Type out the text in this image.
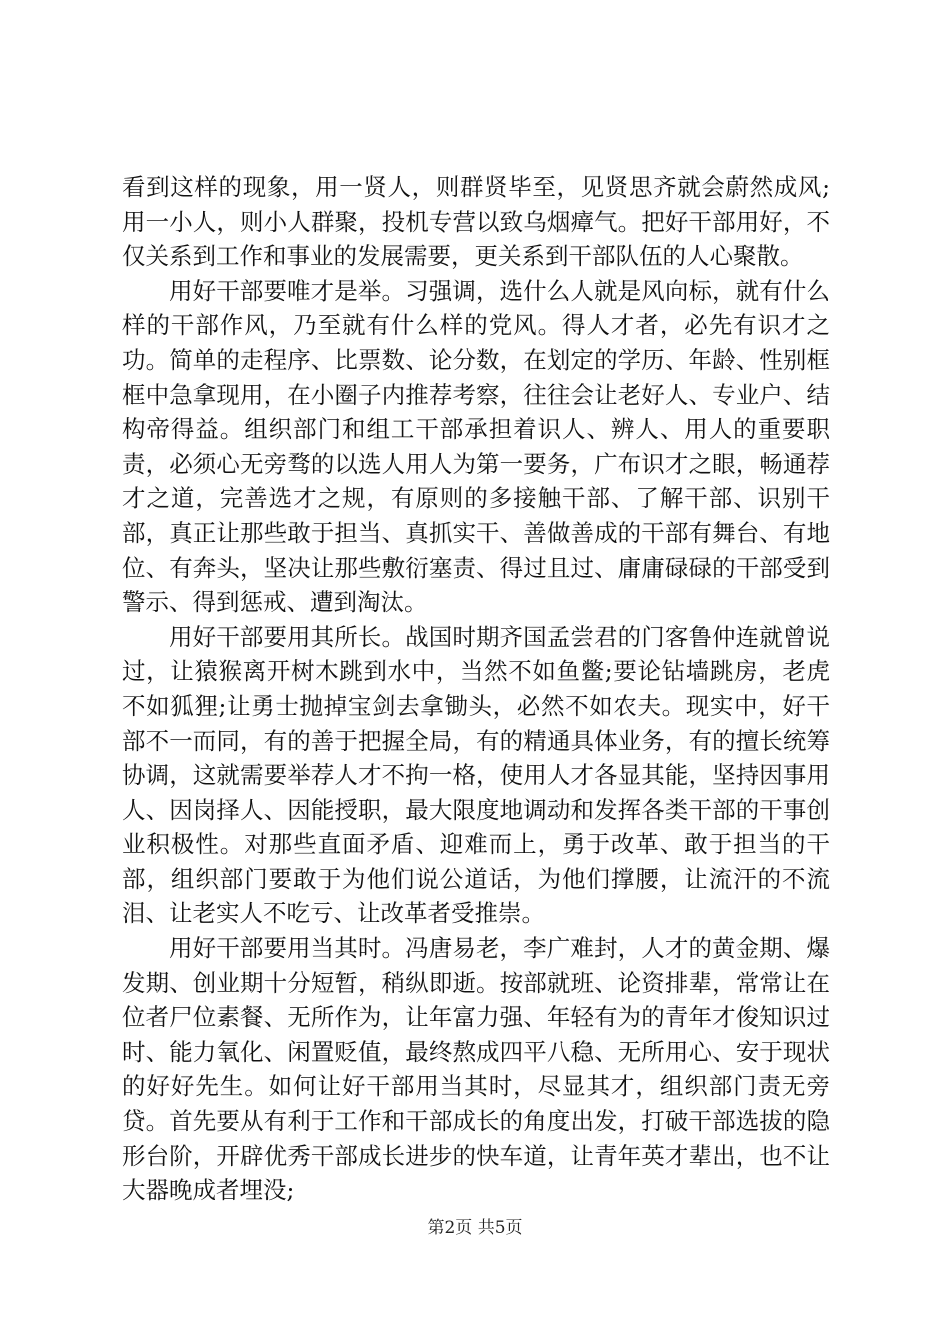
看到这样的现象，用一贤人，则群贤毕至，见贤思齐就会蔚然成风;用一小人，则小人群聚，投机专营以致乌烟瘴气。把好干部用好，不仅关系到工作和事业的发展需要，更关系到干部队伍的人心聚散。

用好干部要唯才是举。习强调，选什么人就是风向标，就有什么样的干部作风，乃至就有什么样的党风。得人才者，必先有识才之功。简单的走程序、比票数、论分数，在划定的学历、年龄、性别框框中急拿现用，在小圈子内推荐考察，往往会让老好人、专业户、结构帝得益。组织部门和组工干部承担着识人、辨人、用人的重要职责，必须心无旁骛的以选人用人为第一要务，广布识才之眼，畅通荐才之道，完善选才之规，有原则的多接触干部、了解干部、识别干部，真正让那些敢于担当、真抓实干、善做善成的干部有舞台、有地位、有奔头，坚决让那些敷衍塞责、得过且过、庸庸碌碌的干部受到警示、得到惩戒、遭到淘汰。

用好干部要用其所长。战国时期齐国孟尝君的门客鲁仲连就曾说过，让猿猴离开树木跳到水中，当然不如鱼鳖;要论钻墙跳房，老虎不如狐狸;让勇士抛掉宝剑去拿锄头，必然不如农夫。现实中，好干部不一而同，有的善于把握全局，有的精通具体业务，有的擅长统筹协调，这就需要举荐人才不拘一格，使用人才各显其能，坚持因事用人、因岗择人、因能授职，最大限度地调动和发挥各类干部的干事创业积极性。对那些直面矛盾、迎难而上，勇于改革、敢于担当的干部，组织部门要敢于为他们说公道话，为他们撑腰，让流汗的不流泪、让老实人不吃亏、让改革者受推崇。

用好干部要用当其时。冯唐易老，李广难封，人才的黄金期、爆发期、创业期十分短暂，稍纵即逝。按部就班、论资排辈，常常让在位者尸位素餐、无所作为，让年富力强、年轻有为的青年才俊知识过时、能力氧化、闲置贬值，最终熬成四平八稳、无所用心、安于现状的好好先生。如何让好干部用当其时，尽显其才，组织部门责无旁贷。首先要从有利于工作和干部成长的角度出发，打破干部选拔的隐形台阶，开辟优秀干部成长进步的快车道，让青年英才辈出，也不让大器晚成者埋没;

第2页 共5页
